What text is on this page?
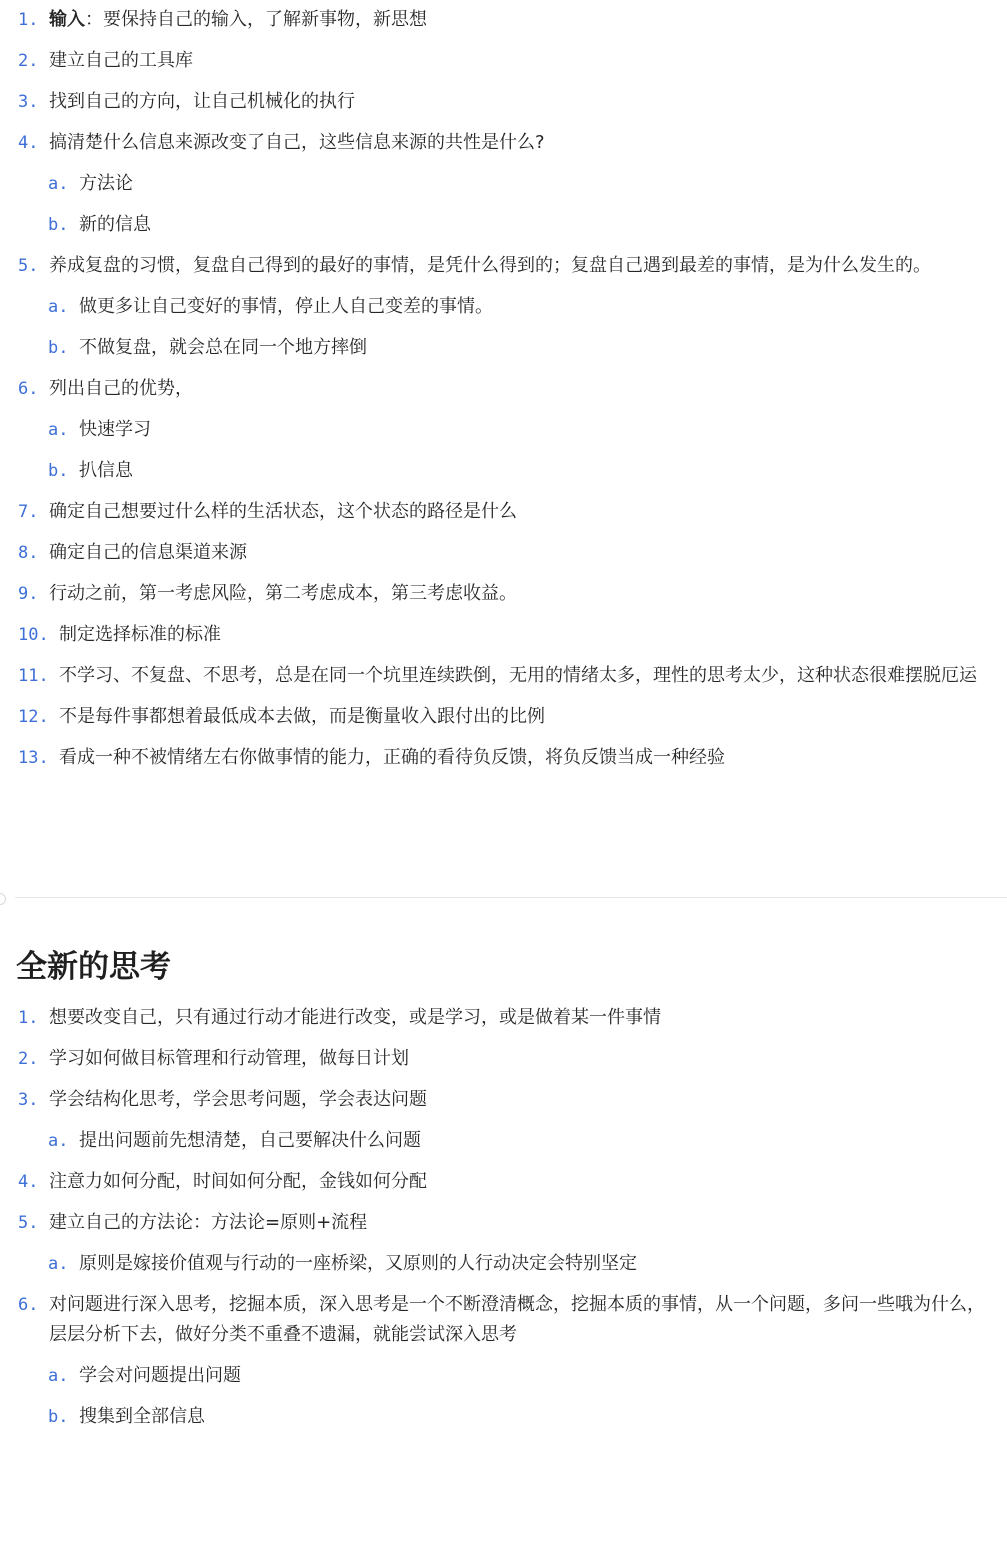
1. 输入：要保持自己的输入，了解新事物，新思想
2. 建立自己的工具库
3. 找到自己的方向，让自己机械化的执行
4. 搞清楚什么信息来源改变了自己，这些信息来源的共性是什么?
a. 方法论
b. 新的信息
5. 养成复盘的习惯，复盘自己得到的最好的事情，是凭什么得到的；复盘自己遇到最差的事情，是为什么发生的。
a. 做更多让自己变好的事情，停止人自己变差的事情。
b. 不做复盘，就会总在同一个地方摔倒
6. 列出自己的优势，
a. 快速学习
b. 扒信息
7. 确定自己想要过什么样的生活状态，这个状态的路径是什么
8. 确定自己的信息渠道来源
9. 行动之前，第一考虑风险，第二考虑成本，第三考虑收益。
10. 制定选择标准的标准
11. 不学习、不复盘、不思考，总是在同一个坑里连续跌倒，无用的情绪太多，理性的思考太少，这种状态很难摆脱厄运
12. 不是每件事都想着最低成本去做，而是衡量收入跟付出的比例
13. 看成一种不被情绪左右你做事情的能力，正确的看待负反馈，将负反馈当成一种经验
全新的思考
1. 想要改变自己，只有通过行动才能进行改变，或是学习，或是做着某一件事情
2. 学习如何做目标管理和行动管理，做每日计划
3. 学会结构化思考，学会思考问题，学会表达问题
a. 提出问题前先想清楚，自己要解决什么问题
4. 注意力如何分配，时间如何分配，金钱如何分配
5. 建立自己的方法论：方法论=原则+流程
a. 原则是嫁接价值观与行动的一座桥梁，又原则的人行动决定会特别坚定
6. 对问题进行深入思考，挖掘本质，深入思考是一个不断澄清概念，挖掘本质的事情，从一个问题，多问一些哦为什么，层层分析下去，做好分类不重叠不遗漏，就能尝试深入思考
a. 学会对问题提出问题
b. 搜集到全部信息
